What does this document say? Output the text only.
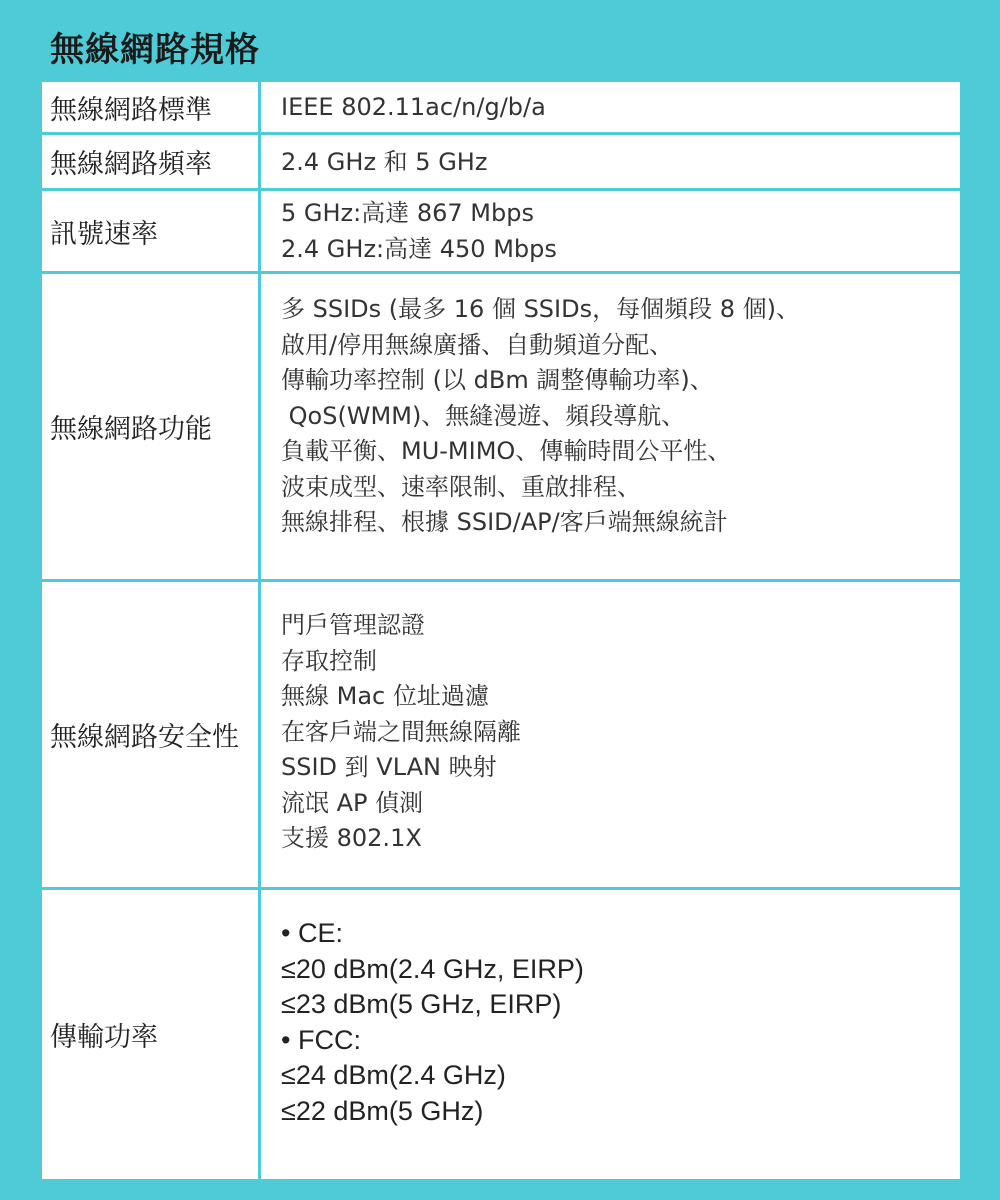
無線網路規格
無線網路標準	IEEE 802.11ac/n/g/b/a
無線網路頻率	2.4 GHz 和 5 GHz
訊號速率
5 GHz:高達 867 Mbps
2.4 GHz:高達 450 Mbps
無線網路功能
多 SSIDs (最多 16 個 SSIDs，每個頻段 8 個)、
啟用/停用無線廣播、自動頻道分配、
傳輸功率控制 (以 dBm 調整傳輸功率)、
QoS(WMM)、無縫漫遊、頻段導航、
負載平衡、MU-MIMO、傳輸時間公平性、
波束成型、速率限制、重啟排程、
無線排程、根據 SSID/AP/客戶端無線統計
無線網路安全性
門戶管理認證
存取控制
無線 Mac 位址過濾
在客戶端之間無線隔離
SSID 到 VLAN 映射
流氓 AP 偵測
支援 802.1X
傳輸功率
• CE:
≤20 dBm(2.4 GHz, EIRP)
≤23 dBm(5 GHz, EIRP)
• FCC:
≤24 dBm(2.4 GHz)
≤22 dBm(5 GHz)
